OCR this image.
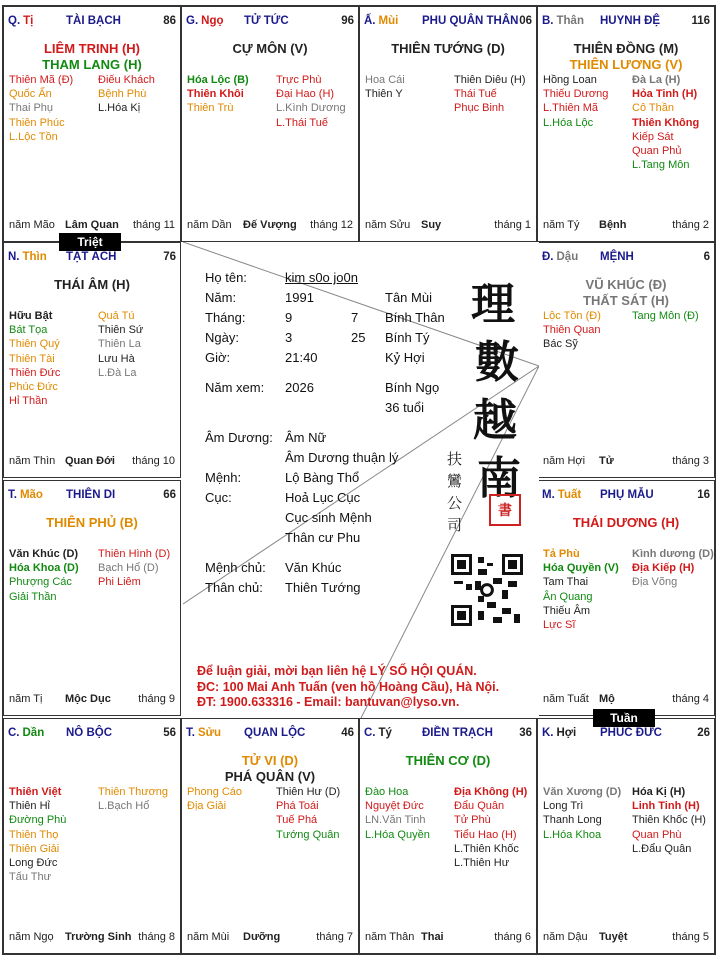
Q. Tị	TÀI BẠCH	86
LIÊM TRINH (H)
THAM LANG (H)
Thiên Mã (Đ)
Quốc Ấn
Thai Phụ
Thiên Phúc
L.Lộc Tồn
Điếu Khách
Bệnh Phù
L.Hóa Kị
năm Mão Lâm Quan tháng 11
G. Ngọ TỬ TỨC	96
CỰ MÔN (V)
Hóa Lộc (B)
Thiên Khôi
Thiên Trù
Trực Phù
Đại Hao (H)
L.Kình Dương
L.Thái Tuế
năm Dần Đế Vượng tháng 12
Ấ. Mùi PHU QUÂN THÂN 06
THIÊN TƯỚNG (D)
Hoa Cái
Thiên Y
Thiên Diêu (H)
Thái Tuế
Phục Binh
năm Sửu Suy	tháng 1
B. Thân HUYNH ĐỆ	116
THIÊN ĐỒNG (M)
THIÊN LƯƠNG (V)
Hồng Loan
Thiếu Dương
L.Thiên Mã
L.Hóa Lộc
Đà La (H)
Hỏa Tinh (H)
Cô Thần
Thiên Không
Kiếp Sát
Quan Phủ
L.Tang Môn
năm Tý Bệnh	tháng 2
N. Thìn TẬT ÁCH	76
THÁI ÂM (H)
Hữu Bật
Bát Tọa
Thiên Quý
Thiên Tài
Thiên Đức
Phúc Đức
Hỉ Thần
Quả Tú
Thiên Sứ
Thiên La
Lưu Hà
L.Đà La
năm Thìn Quan Đới tháng 10
Đ. Dậu MỆNH	6
VŨ KHÚC (Đ)
THẤT SÁT (H)
Lộc Tồn (Đ)
Thiên Quan
Bác Sỹ
Tang Môn (Đ)
năm Hợi Tử	tháng 3
T. Mão THIÊN DI	66
THIÊN PHỦ (B)
Văn Khúc (D)
Hóa Khoa (D)
Phượng Các
Giải Thần
Thiên Hình (D)
Bạch Hổ (D)
Phi Liêm
năm Tị Mộc Dục tháng 9
M. Tuất PHỤ MẪU	16
THÁI DƯƠNG (H)
Tả Phù
Hóa Quyền (V)
Tam Thai
Ân Quang
Thiếu Âm
Lực Sĩ
Kình dương (D)
Địa Kiếp (H)
Địa Võng
năm Tuất Mộ	tháng 4
C. Dần NÔ BỘC	56
Thiên Việt
Thiên Hỉ
Đường Phù
Thiên Thọ
Thiên Giải
Long Đức
Tấu Thư
Thiên Thương
L.Bạch Hổ
năm Ngọ Trường Sinh tháng 8
T. Sửu QUAN LỘC	46
TỬ VI (D)
PHÁ QUÂN (V)
Phong Cáo
Địa Giải
Thiên Hư (D)
Phá Toái
Tuế Phá
Tướng Quân
năm Mùi Dưỡng	tháng 7
C. Tý	ĐIỀN TRẠCH 36
THIÊN CƠ (D)
Đào Hoa
Nguyệt Đức
LN.Văn Tinh
L.Hóa Quyền
Địa Không (H)
Đẩu Quân
Tử Phù
Tiểu Hao (H)
L.Thiên Khốc
L.Thiên Hư
năm Thân Thai	tháng 6
K. Hợi PHÚC ĐỨC	26
Văn Xương (D)
Long Trì
Thanh Long
L.Hóa Khoa
Hóa Kị (H)
Linh Tinh (H)
Thiên Khốc (H)
Quan Phù
L.Đẩu Quân
năm Dậu Tuyệt	tháng 5
Họ tên:	kim s0o jo0n
Năm:	1991	Tân Mùi
Tháng:	9	7 Bính Thân
Ngày:	3	25 Bính Tý
Giờ:	21:40	Kỷ Hợi
Năm xem: 2026	Bính Ngọ
36 tuổi
Âm Dương: Âm Nữ
Âm Dương thuận lý
Mệnh:	Lộ Bàng Thổ
Cục:	Hoả Lục Cục
Cục sinh Mệnh
Thân cư Phu
Mệnh chủ: Văn Khúc
Thân chủ: Thiên Tướng
理
數
越
南
扶鸞公司
書
Để luận giải, mời bạn liên hệ LÝ SỐ HỘI QUÁN.
ĐC: 100 Mai Anh Tuấn (ven hồ Hoàng Cầu), Hà Nội.
ĐT: 1900.633316 - Email: bantuvan@lyso.vn.
Triệt
Tuần
